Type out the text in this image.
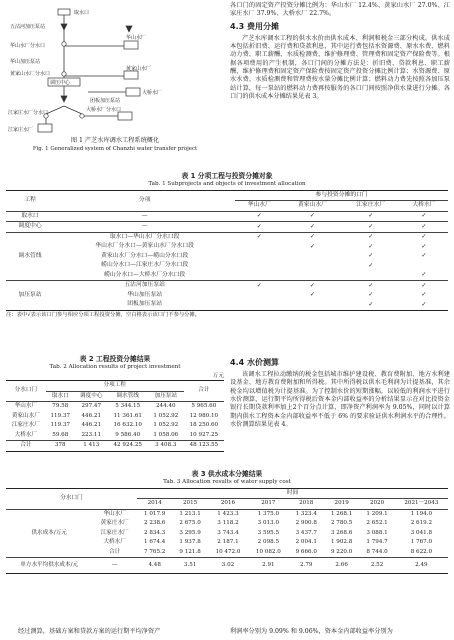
取水口
五沽河加压泵站
华山水厂分水口
华山水厂
华山加压泵站
黄家山水厂分水口
黄家山水厂
调压中心
团板加压泵站
江家庄水厂分水口
江家庄水厂
大桥水厂分水口
大桥水厂
图 1 产芝水库调水工程系统概化
Fig. 1 Generalized system of Chanzhi water transfer project

各口门的固定资产投资分摊比例为：华山水厂 12.4%、黄家山水厂 27.0%、江家庄水厂 37.9%、大桥水厂 22.7%。

4.3 费用分摊

产芝水库调水工程的供水水价由供水成本、利润和税金三部分构成。供水成本包括折旧费、运行费和贷款利息，其中运行费包括水资源费、原水水费、燃料动力费、职工薪酬、水质检测费、维护修理费、管理费和固定资产保险费等。根据各项费用的产生机制，各口门间的分摊方法是：折旧费、贷款利息、职工薪酬、维护修理费和固定资产保险费按固定资产投资分摊比例计算；水资源费、原水水费、水质检测费和管理费按水量分摊比例计算；燃料动力费先按照各加压泵站计算，每一泵站的燃料动力费再按服务的各口门间按照净供水量进行分摊。各口门的供水成本分摊结果见表 3。

表 1 分项工程与投资分摊对象
Tab. 1 Subprojects and objects of investment allocation
工程	分项	参与投资分摊的口门			
		华山水厂	黄家山水厂	江家庄水厂	大桥水厂
取水口	—	✓	✓	✓	✓
调度中心	—	✓	✓	✓	✓
调水管线	取水口—华山水厂分水口段	✓	✓	✓	✓
	华山水厂分水口—黄家山水厂分水口段		✓	✓	✓
	黄家山水厂分水口—崂山分水口段			✓	✓
	崂山分水口—江家庄水厂分水口段			✓	
	崂山分水口—大桥水厂分水口段				✓
加压泵站	五沽河加压泵站	✓	✓	✓	✓
	华山加压泵站		✓	✓	✓
	团板加压泵站			✓	✓
注：表中√表示该口门参与相应分项工程投资分摊，空白格表示该口门不参与分摊。
表 2 工程投资分摊结果
Tab. 2 Allocation results of project investment
万元
分水口门	分项工程				合计
	取水口	调度中心	调水管线	加压泵站	
华山水厂	79.58	297.47	5 344.15	244.40	5 965.60
黄家山水厂	119.37	446.21	11 361.61	1 052.92	12 980.10
江家庄水厂	119.37	446.21	16 632.10	1 052.92	18 250.60
大桥水厂	59.68	223.11	9 586.40	1 058.06	10 927.25
合计	378	1 413	42 924.25	3 408.3	48 123.55
4.4 水价测算

该调水工程拉动缴纳的税金包括城市维护建设税、教育费附加、地方水利建设基金、地方教育费附加和所得税。其中所得税以供水毛利润为计提基准，其余税金均以增值税为计提基准。为了控制水价的短期涨幅，以较低的利润水平进行水价测算，运行期平均所得税后资本金内部收益率的分析结果显示在对比投资金银行长期贷款利率加上2个百分点计算，即净资产利润率为 9.05%，同时以计算期内供水工程资本金内部收益率不低于 6% 的要求验证供水利润水平的合理性。水价测算结果见表 4。

表 3 供水成本分摊结果
Tab. 3 Allocation results of water supply cost
分水口门		时间							
		2014	2015	2016	2017	2018	2019	2020	2021－2043
供水成本/万元	华山水厂	1 017.9	1 213.1	1 423.3	1 375.0	1 323.4	1 268.1	1 209.1	1 194.0
	黄家庄水厂	2 238.6	2 675.0	3 118.2	3 013.0	2 900.8	2 780.5	2 652.1	2 619.2
	江家庄水厂	2 834.3	3 295.9	3 743.4	3 595.5	3 437.7	3 268.6	3 088.1	3 041.8
	大桥水厂	1 674.4	1 937.8	2 187.1	2 098.5	2 004.1	1 902.8	1 794.7	1 767.0
	合计	7 765.2	9 121.8	10 472.0	10 082.0	9 666.0	9 220.0	8 744.0	8 622.0
单方水平均供水成本/元	—	4.48	3.51	3.02	2.91	2.79	2.66	2.52	2.49
经过测算，基础方案和贷款方案的运行期平均净资产	利润率分别为 9.09% 和 9.06%，资本金内部收益率分别为
